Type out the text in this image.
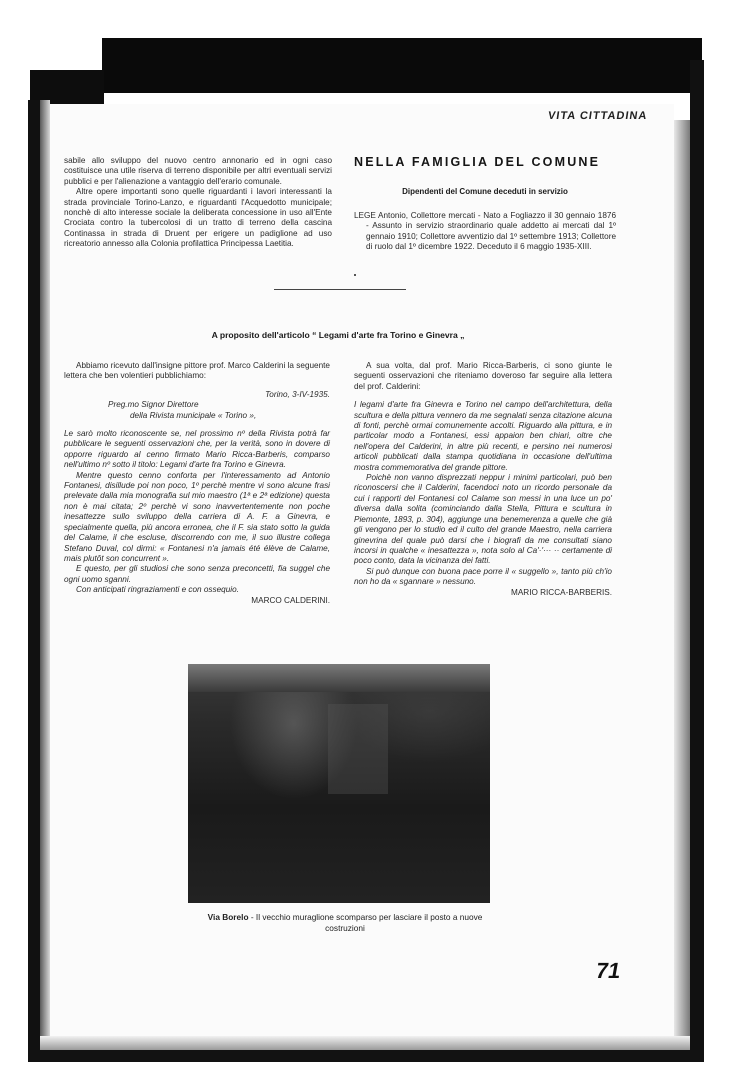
VITA CITTADINA

sabile allo sviluppo del nuovo centro annonario ed in ogni caso costituisce una utile riserva di terreno disponibile per altri eventuali servizi pubblici e per l'alienazione a vantaggio dell'erario comunale.

Altre opere importanti sono quelle riguardanti i lavori interessanti la strada provinciale Torino-Lanzo, e riguardanti l'Acquedotto municipale; nonchè di alto interesse sociale la deliberata concessione in uso all'Ente Crociata contro la tubercolosi di un tratto di terreno della cascina Continassa in strada di Druent per erigere un padiglione ad uso ricreatorio annesso alla Colonia profilattica Principessa Laetitia.

NELLA FAMIGLIA DEL COMUNE
Dipendenti del Comune deceduti in servizio

LEGE Antonio, Collettore mercati - Nato a Fogliazzo il 30 gennaio 1876 - Assunto in servizio straordinario quale addetto ai mercati dal 1º gennaio 1910; Collettore avventizio dal 1º settembre 1913; Collettore di ruolo dal 1º dicembre 1922. Deceduto il 6 maggio 1935-XIII.

A proposito dell'articolo “ Legami d'arte fra Torino e Ginevra „

Abbiamo ricevuto dall'insigne pittore prof. Marco Calderini la seguente lettera che ben volentieri pubblichiamo:

Torino, 3-IV-1935.

Preg.mo Signor Direttore

della Rivista municipale « Torino »,

Le sarò molto riconoscente se, nel prossimo nº della Rivista potrà far pubblicare le seguenti osservazioni che, per la verità, sono in dovere di opporre riguardo al cenno firmato Mario Ricca-Barberis, comparso nell'ultimo nº sotto il titolo: Legami d'arte fra Torino e Ginevra.

Mentre questo cenno conforta per l'interessamento ad Antonio Fontanesi, disillude poi non poco, 1º perchè mentre vi sono alcune frasi prelevate dalla mia monografia sul mio maestro (1ª e 2ª edizione) questa non è mai citata; 2º perchè vi sono inavvertentemente non poche inesattezze sullo sviluppo della carriera di A. F. a Ginevra, e specialmente quella, più ancora erronea, che il F. sia stato sotto la guida del Calame, il che escluse, discorrendo con me, il suo illustre collega Stefano Duval, col dirmi: « Fontanesi n'a jamais été élève de Calame, mais plutôt son concurrent ».

E questo, per gli studiosi che sono senza preconcetti, fia suggel che ogni uomo sganni.

Con anticipati ringraziamenti e con ossequio.

MARCO CALDERINI.

A sua volta, dal prof. Mario Ricca-Barberis, ci sono giunte le seguenti osservazioni che riteniamo doveroso far seguire alla lettera del prof. Calderini:

I legami d'arte fra Ginevra e Torino nel campo dell'architettura, della scultura e della pittura vennero da me segnalati senza citazione alcuna di fonti, perchè ormai comunemente accolti. Riguardo alla pittura, e in particolar modo a Fontanesi, essi appaion ben chiari, oltre che nell'opera del Calderini, in altre più recenti, e persino nei numerosi articoli pubblicati dalla stampa quotidiana in occasione dell'ultima mostra commemorativa del grande pittore.

Poichè non vanno disprezzati neppur i minimi particolari, può ben riconoscersi che il Calderini, facendoci noto un ricordo personale da cui i rapporti del Fontanesi col Calame son messi in una luce un po' diversa dalla solita (cominciando dalla Stella, Pittura e scultura in Piemonte, 1893, p. 304), aggiunge una benemerenza a quelle che già gli vengono per lo studio ed il culto del grande Maestro, nella carriera ginevrina del quale può darsi che i biografi da me consultati siano incorsi in qualche « inesattezza », nota solo al Ca'·'··· ·· certamente di poco conto, data la vicinanza dei fatti.

Si può dunque con buona pace porre il « suggello », tanto più ch'io non ho da « sgannare » nessuno.

MARIO RICCA-BARBERIS.

Via Borelo - Il vecchio muraglione scomparso per lasciare il posto a nuove costruzioni
71
